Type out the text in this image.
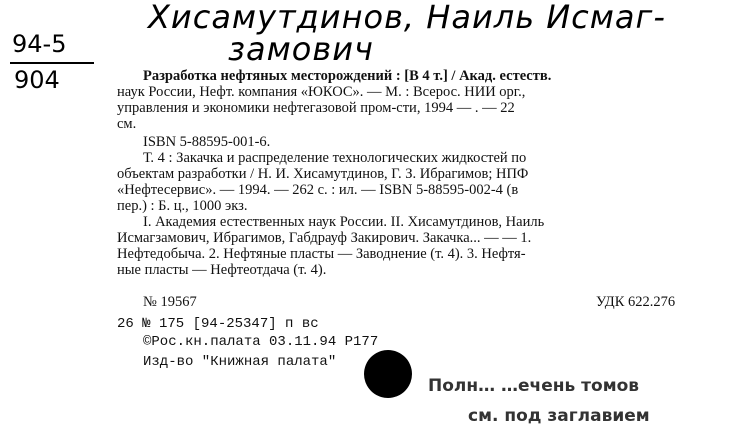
Хисамутдинов, Наиль Исмаг-
замович
94-5
904	Разработка нефтяных месторождений : [В 4 т.] / Акад. естеств.
наук России, Нефт. компания «ЮКОС». — М. : Всерос. НИИ орг.,
управления и экономики нефтегазовой пром-сти, 1994 — . — 22
см.
ISBN 5-88595-001-6.
Т. 4 : Закачка и распределение технологических жидкостей по
объектам разработки / Н. И. Хисамутдинов, Г. З. Ибрагимов; НПФ
«Нефтесервис». — 1994. — 262 с. : ил. — ISBN 5-88595-002-4 (в
пер.) : Б. ц., 1000 экз.
I. Академия естественных наук России. II. Хисамутдинов, Наиль
Исмагзамович, Ибрагимов, Габдрауф Закирович. Закачка... — — 1.
Нефтедобыча. 2. Нефтяные пласты — Заводнение (т. 4). 3. Нефтя-
ные пласты — Нефтеотдача (т. 4).
№ 19567	УДК 622.276
26 № 175 [94-25347] п вс
©Рос.кн.палата 03.11.94 Р177
Изд-во "Книжная палата"
Полн… …ечень томов
см. под заглавием
